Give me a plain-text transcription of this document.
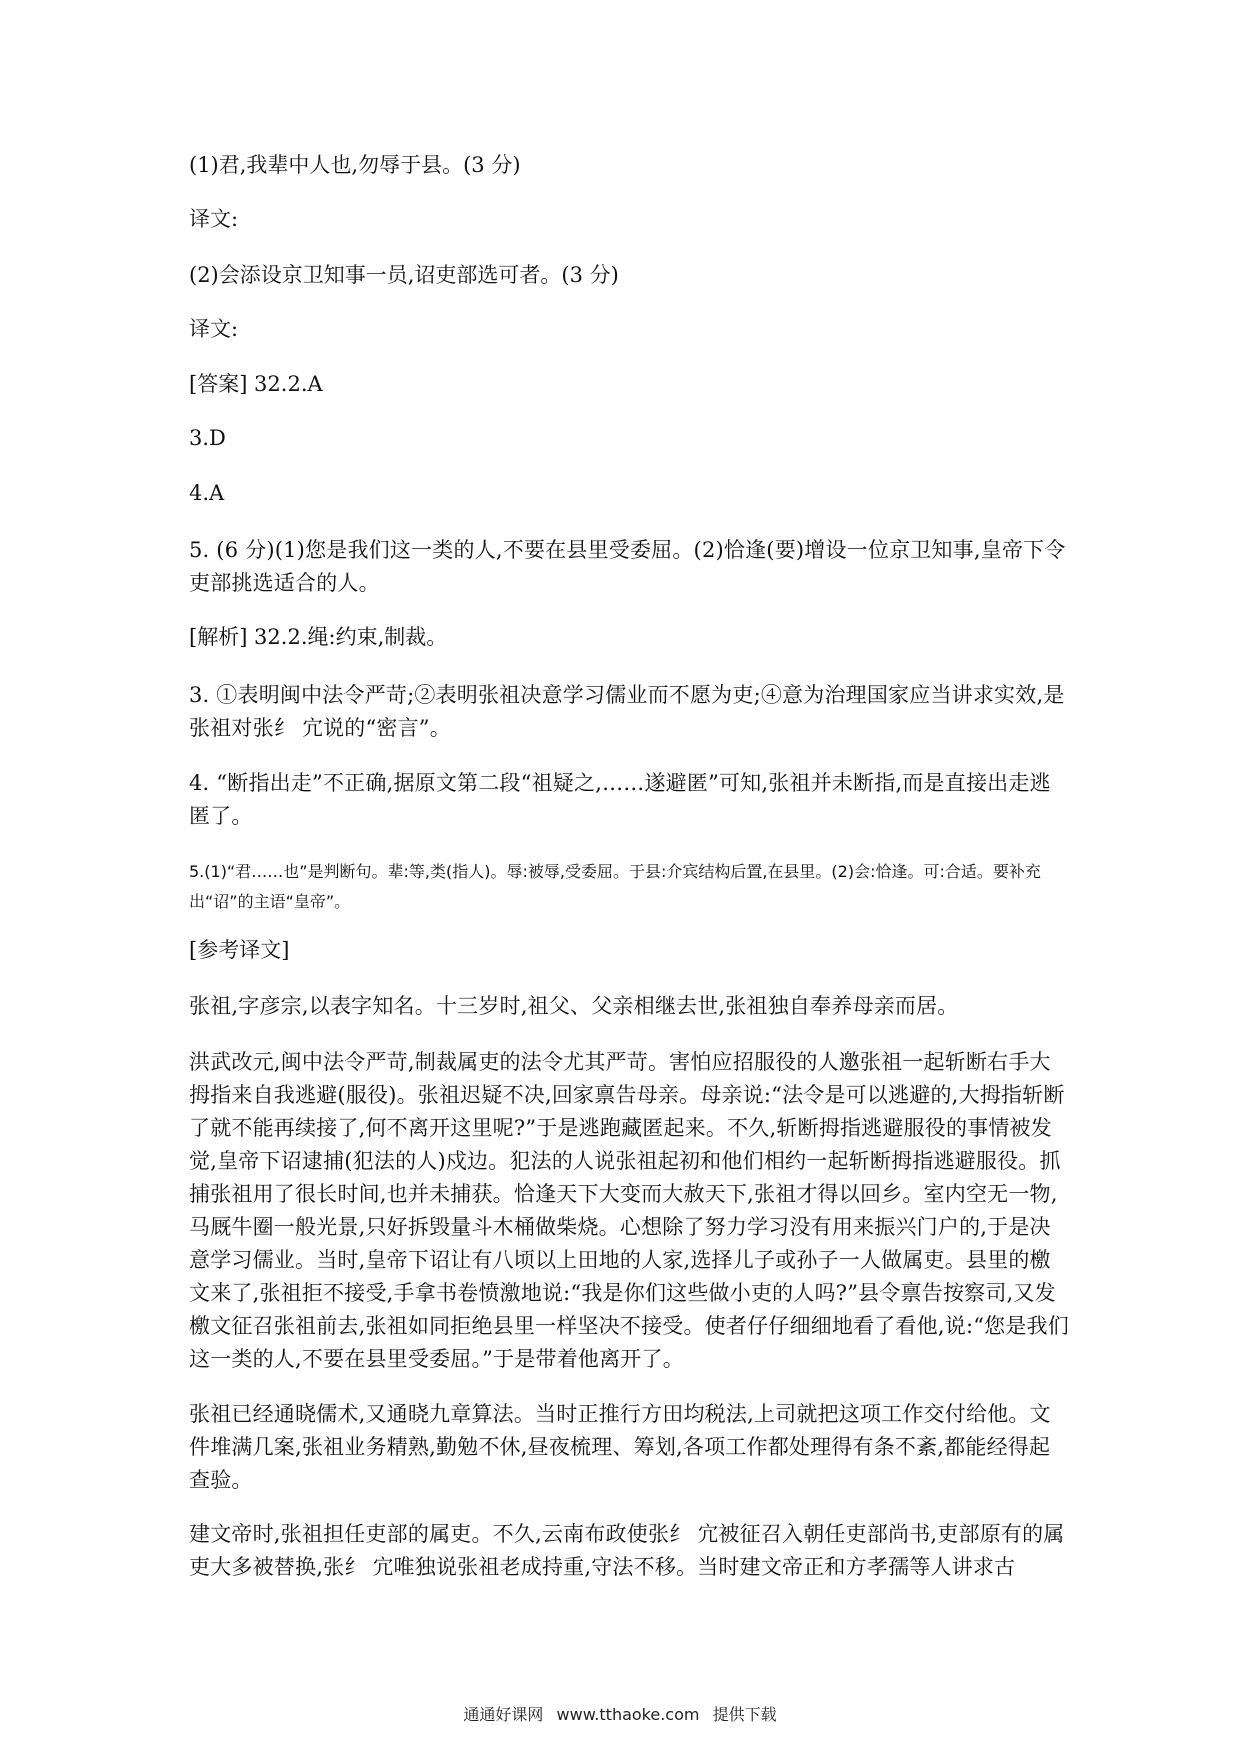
(1)君,我辈中人也,勿辱于县。(3 分)
译文:
(2)会添设京卫知事一员,诏吏部选可者。(3 分)
译文:
[答案] 32.2.A
3.D
4.A
5. (6 分)(1)您是我们这一类的人,不要在县里受委屈。(2)恰逢(要)增设一位京卫知事,皇帝下令吏部挑选适合的人。
[解析] 32.2.绳:约束,制裁。
3. ①表明闽中法令严苛;②表明张祖决意学习儒业而不愿为吏;④意为治理国家应当讲求实效,是张祖对张纟 宂说的“密言”。
4. “断指出走”不正确,据原文第二段“祖疑之,……遂避匿”可知,张祖并未断指,而是直接出走逃匿了。
5.(1)“君……也”是判断句。辈:等,类(指人)。辱:被辱,受委屈。于县:介宾结构后置,在县里。(2)会:恰逢。可:合适。要补充出“诏”的主语“皇帝”。
[参考译文]
张祖,字彦宗,以表字知名。十三岁时,祖父、父亲相继去世,张祖独自奉养母亲而居。
洪武改元,闽中法令严苛,制裁属吏的法令尤其严苛。害怕应招服役的人邀张祖一起斩断右手大拇指来自我逃避(服役)。张祖迟疑不决,回家禀告母亲。母亲说:“法令是可以逃避的,大拇指斩断了就不能再续接了,何不离开这里呢?”于是逃跑藏匿起来。不久,斩断拇指逃避服役的事情被发觉,皇帝下诏逮捕(犯法的人)戍边。犯法的人说张祖起初和他们相约一起斩断拇指逃避服役。抓捕张祖用了很长时间,也并未捕获。恰逢天下大变而大赦天下,张祖才得以回乡。室内空无一物,马厩牛圈一般光景,只好拆毁量斗木桶做柴烧。心想除了努力学习没有用来振兴门户的,于是决意学习儒业。当时,皇帝下诏让有八顷以上田地的人家,选择儿子或孙子一人做属吏。县里的檄文来了,张祖拒不接受,手拿书卷愤激地说:“我是你们这些做小吏的人吗?”县令禀告按察司,又发檄文征召张祖前去,张祖如同拒绝县里一样坚决不接受。使者仔仔细细地看了看他,说:“您是我们这一类的人,不要在县里受委屈。”于是带着他离开了。
张祖已经通晓儒术,又通晓九章算法。当时正推行方田均税法,上司就把这项工作交付给他。文件堆满几案,张祖业务精熟,勤勉不休,昼夜梳理、筹划,各项工作都处理得有条不紊,都能经得起查验。
建文帝时,张祖担任吏部的属吏。不久,云南布政使张纟 宂被征召入朝任吏部尚书,吏部原有的属吏大多被替换,张纟 宂唯独说张祖老成持重,守法不移。当时建文帝正和方孝孺等人讲求古
通通好课网 www.tthaoke.com 提供下载
